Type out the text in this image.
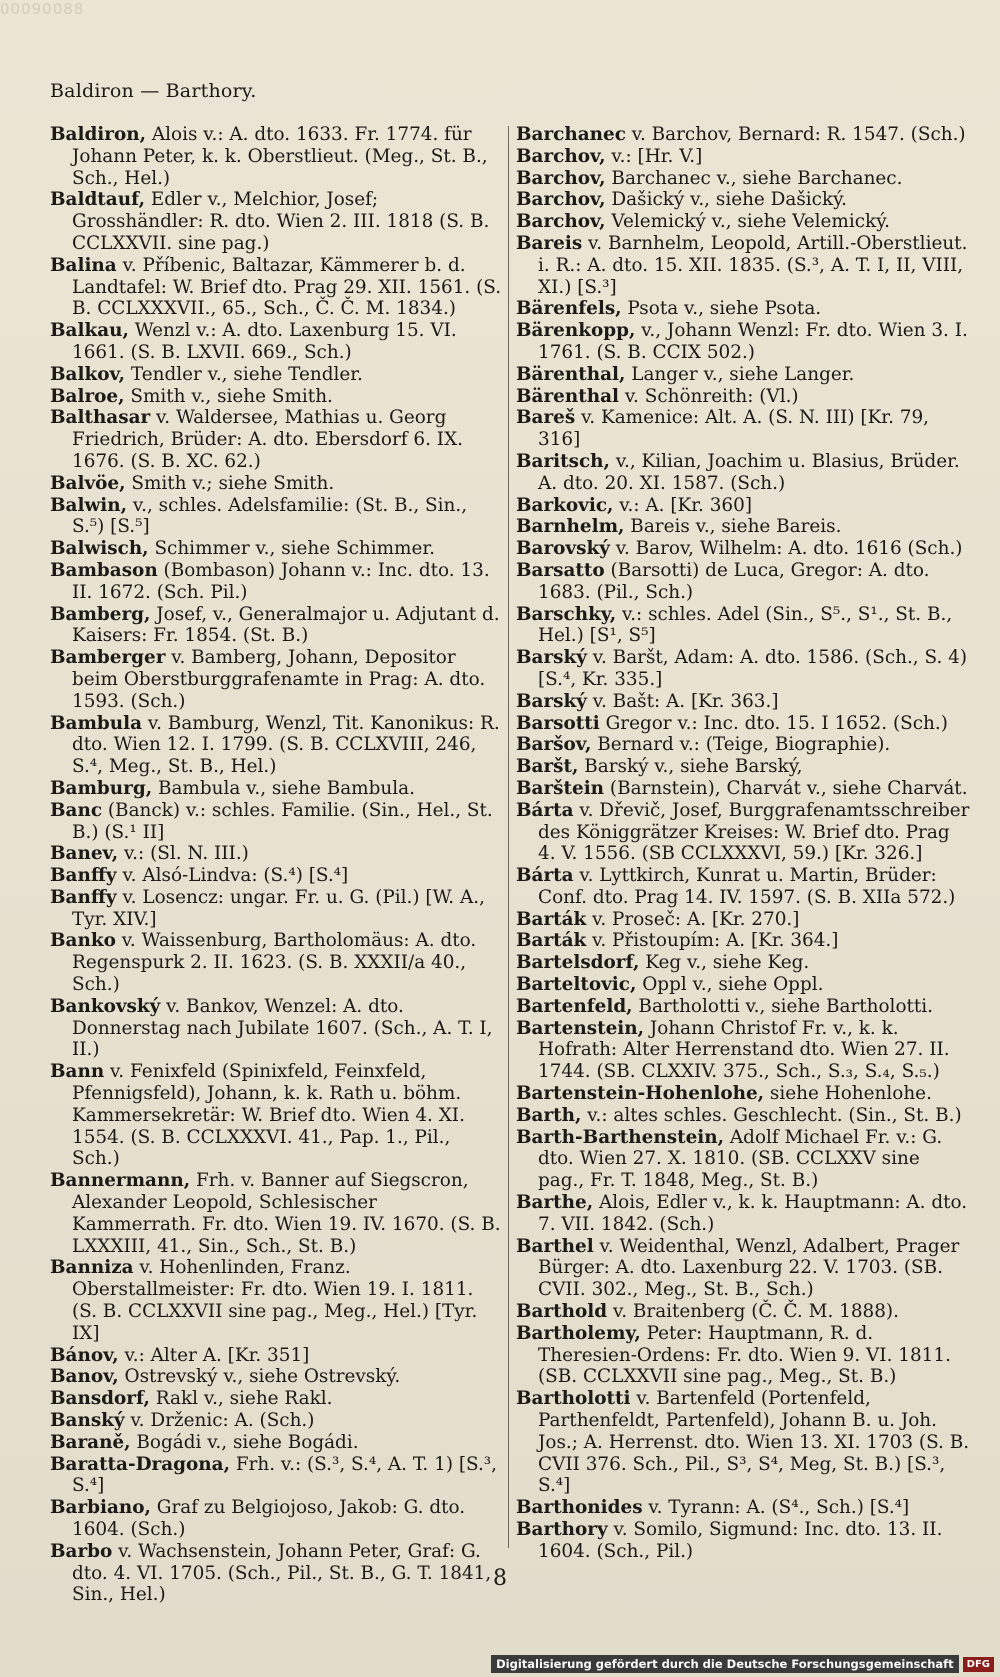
00090088
Baldiron — Barthory.

Baldiron, Alois v.: A. dto. 1633. Fr. 1774. für Johann Peter, k. k. Oberstlieut. (Meg., St. B., Sch., Hel.)

Baldtauf, Edler v., Melchior, Josef; Grosshändler: R. dto. Wien 2. III. 1818 (S. B. CCLXXVII. sine pag.)

Balina v. Příbenic, Baltazar, Kämmerer b. d. Landtafel: W. Brief dto. Prag 29. XII. 1561. (S. B. CCLXXXVII., 65., Sch., Č. Č. M. 1834.)

Balkau, Wenzl v.: A. dto. Laxenburg 15. VI. 1661. (S. B. LXVII. 669., Sch.)

Balkov, Tendler v., siehe Tendler.

Balroe, Smith v., siehe Smith.

Balthasar v. Waldersee, Mathias u. Georg Friedrich, Brüder: A. dto. Ebersdorf 6. IX. 1676. (S. B. XC. 62.)

Balvöe, Smith v.; siehe Smith.

Balwin, v., schles. Adelsfamilie: (St. B., Sin., S.⁵) [S.⁵]

Balwisch, Schimmer v., siehe Schimmer.

Bambason (Bombason) Johann v.: Inc. dto. 13. II. 1672. (Sch. Pil.)

Bamberg, Josef, v., Generalmajor u. Adjutant d. Kaisers: Fr. 1854. (St. B.)

Bamberger v. Bamberg, Johann, Depositor beim Oberstburggrafenamte in Prag: A. dto. 1593. (Sch.)

Bambula v. Bamburg, Wenzl, Tit. Kanonikus: R. dto. Wien 12. I. 1799. (S. B. CCLXVIII, 246, S.⁴, Meg., St. B., Hel.)

Bamburg, Bambula v., siehe Bambula.

Banc (Banck) v.: schles. Familie. (Sin., Hel., St. B.) (S.¹ II]

Banev, v.: (Sl. N. III.)

Banffy v. Alsó-Lindva: (S.⁴) [S.⁴]

Banffy v. Losencz: ungar. Fr. u. G. (Pil.) [W. A., Tyr. XIV.]

Banko v. Waissenburg, Bartholomäus: A. dto. Regenspurk 2. II. 1623. (S. B. XXXII/a 40., Sch.)

Bankovský v. Bankov, Wenzel: A. dto. Donnerstag nach Jubilate 1607. (Sch., A. T. I, II.)

Bann v. Fenixfeld (Spinixfeld, Feinxfeld, Pfennigsfeld), Johann, k. k. Rath u. böhm. Kammersekretär: W. Brief dto. Wien 4. XI. 1554. (S. B. CCLXXXVI. 41., Pap. 1., Pil., Sch.)

Bannermann, Frh. v. Banner auf Siegscron, Alexander Leopold, Schlesischer Kammerrath. Fr. dto. Wien 19. IV. 1670. (S. B. LXXXIII, 41., Sin., Sch., St. B.)

Banniza v. Hohenlinden, Franz. Oberstallmeister: Fr. dto. Wien 19. I. 1811. (S. B. CCLXXVII sine pag., Meg., Hel.) [Tyr. IX]

Bánov, v.: Alter A. [Kr. 351]

Banov, Ostrevský v., siehe Ostrevský.

Bansdorf, Rakl v., siehe Rakl.

Banský v. Drženic: A. (Sch.)

Baraně, Bogádi v., siehe Bogádi.

Baratta-Dragona, Frh. v.: (S.³, S.⁴, A. T. 1) [S.³, S.⁴]

Barbiano, Graf zu Belgiojoso, Jakob: G. dto. 1604. (Sch.)

Barbo v. Wachsenstein, Johann Peter, Graf: G. dto. 4. VI. 1705. (Sch., Pil., St. B., G. T. 1841, Sin., Hel.)

Barchanec v. Barchov, Bernard: R. 1547. (Sch.)

Barchov, v.: [Hr. V.]

Barchov, Barchanec v., siehe Barchanec.

Barchov, Dašický v., siehe Dašický.

Barchov, Velemický v., siehe Velemický.

Bareis v. Barnhelm, Leopold, Artill.-Oberstlieut. i. R.: A. dto. 15. XII. 1835. (S.³, A. T. I, II, VIII, XI.) [S.³]

Bärenfels, Psota v., siehe Psota.

Bärenkopp, v., Johann Wenzl: Fr. dto. Wien 3. I. 1761. (S. B. CCIX 502.)

Bärenthal, Langer v., siehe Langer.

Bärenthal v. Schönreith: (Vl.)

Bareš v. Kamenice: Alt. A. (S. N. III) [Kr. 79, 316]

Baritsch, v., Kilian, Joachim u. Blasius, Brüder. A. dto. 20. XI. 1587. (Sch.)

Barkovic, v.: A. [Kr. 360]

Barnhelm, Bareis v., siehe Bareis.

Barovský v. Barov, Wilhelm: A. dto. 1616 (Sch.)

Barsatto (Barsotti) de Luca, Gregor: A. dto. 1683. (Pil., Sch.)

Barschky, v.: schles. Adel (Sin., S⁵., S¹., St. B., Hel.) [S¹, S⁵]

Barský v. Baršt, Adam: A. dto. 1586. (Sch., S. 4) [S.⁴, Kr. 335.]

Barský v. Bašt: A. [Kr. 363.]

Barsotti Gregor v.: Inc. dto. 15. I 1652. (Sch.)

Baršov, Bernard v.: (Teige, Biographie).

Baršt, Barský v., siehe Barský,

Barštein (Barnstein), Charvát v., siehe Charvát.

Bárta v. Dřevič, Josef, Burggrafenamtsschreiber des Königgrätzer Kreises: W. Brief dto. Prag 4. V. 1556. (SB CCLXXXVI, 59.) [Kr. 326.]

Bárta v. Lyttkirch, Kunrat u. Martin, Brüder: Conf. dto. Prag 14. IV. 1597. (S. B. XIIa 572.)

Barták v. Proseč: A. [Kr. 270.]

Barták v. Přistoupím: A. [Kr. 364.]

Bartelsdorf, Keg v., siehe Keg.

Barteltovic, Oppl v., siehe Oppl.

Bartenfeld, Bartholotti v., siehe Bartholotti.

Bartenstein, Johann Christof Fr. v., k. k. Hofrath: Alter Herrenstand dto. Wien 27. II. 1744. (SB. CLXXIV. 375., Sch., S.₃, S.₄, S.₅.)

Bartenstein-Hohenlohe, siehe Hohenlohe.

Barth, v.: altes schles. Geschlecht. (Sin., St. B.)

Barth-Barthenstein, Adolf Michael Fr. v.: G. dto. Wien 27. X. 1810. (SB. CCLXXV sine pag., Fr. T. 1848, Meg., St. B.)

Barthe, Alois, Edler v., k. k. Hauptmann: A. dto. 7. VII. 1842. (Sch.)

Barthel v. Weidenthal, Wenzl, Adalbert, Prager Bürger: A. dto. Laxenburg 22. V. 1703. (SB. CVII. 302., Meg., St. B., Sch.)

Barthold v. Braitenberg (Č. Č. M. 1888).

Bartholemy, Peter: Hauptmann, R. d. Theresien-Ordens: Fr. dto. Wien 9. VI. 1811. (SB. CCLXXVII sine pag., Meg., St. B.)

Bartholotti v. Bartenfeld (Portenfeld, Parthenfeldt, Partenfeld), Johann B. u. Joh. Jos.; A. Herrenst. dto. Wien 13. XI. 1703 (S. B. CVII 376. Sch., Pil., S³, S⁴, Meg, St. B.) [S.³, S.⁴]

Barthonides v. Tyrann: A. (S⁴., Sch.) [S.⁴]

Barthory v. Somilo, Sigmund: Inc. dto. 13. II. 1604. (Sch., Pil.)

8
Digitalisierung gefördert durch die Deutsche Forschungsgemeinschaft	DFG
